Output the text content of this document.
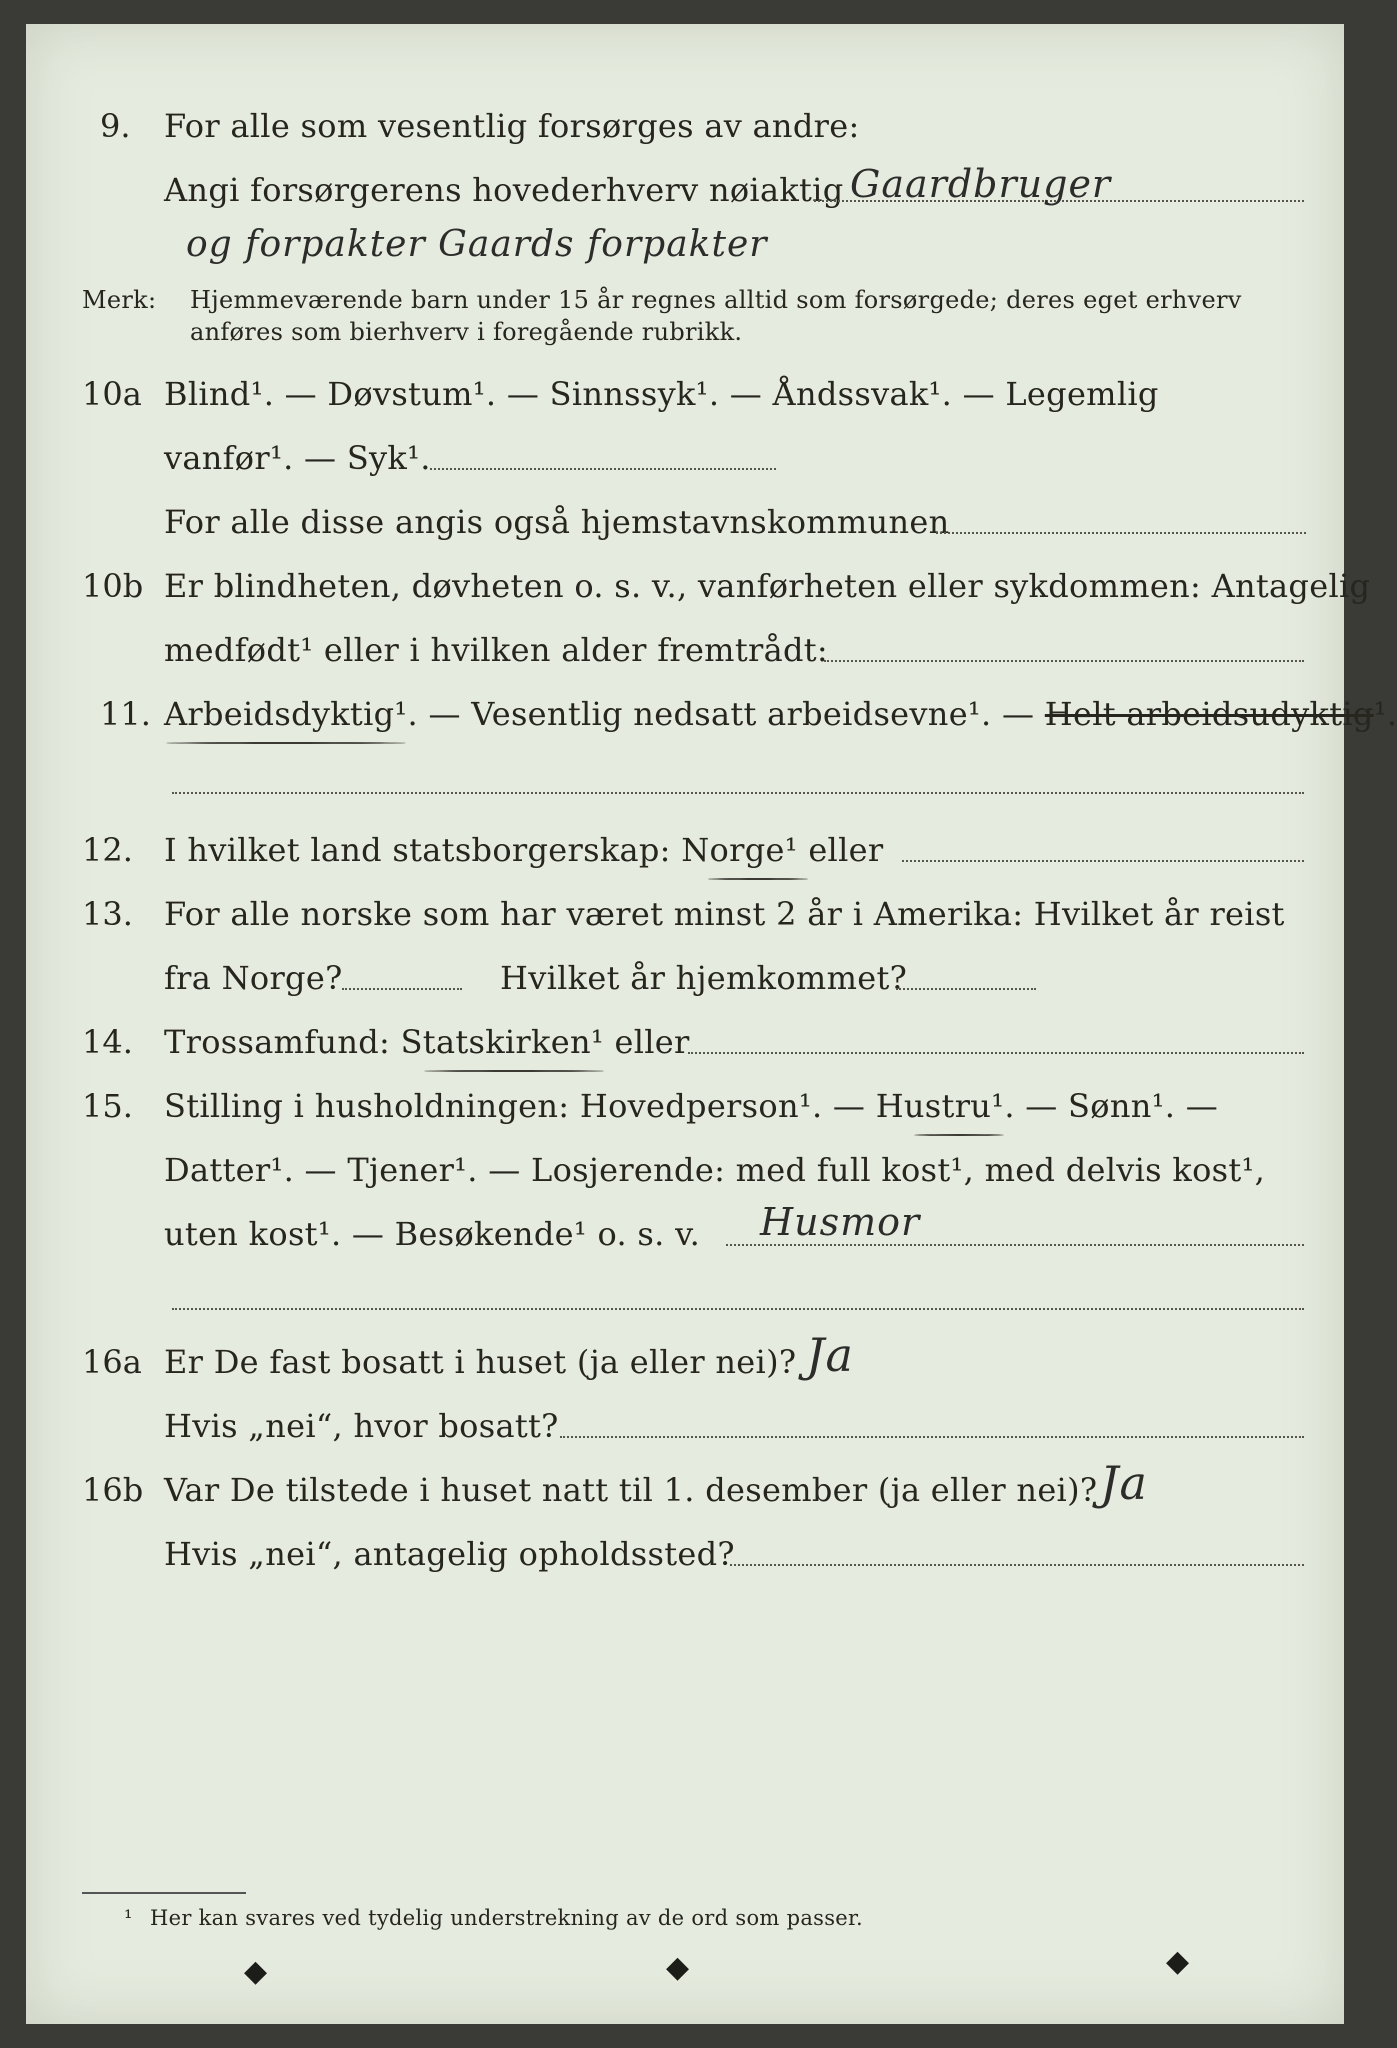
9. For alle som vesentlig forsørges av andre:
Angi forsørgerens hovederhverv nøiaktig Gaardbruger
og forpakter Gaards forpakter
Merk: Hjemmeværende barn under 15 år regnes alltid som forsørgede; deres eget erhverv
anføres som bierhverv i foregående rubrikk.
10a Blind¹. — Døvstum¹. — Sinnssyk¹. — Åndssvak¹. — Legemlig
vanfør¹. — Syk¹.
For alle disse angis også hjemstavnskommunen
10b Er blindheten, døvheten o. s. v., vanførheten eller sykdommen: Antagelig
medfødt¹ eller i hvilken alder fremtrådt:
11. Arbeidsdyktig¹. — Vesentlig nedsatt arbeidsevne¹. — Helt arbeidsudyktig¹.
12. I hvilket land statsborgerskap: Norge¹ eller
13. For alle norske som har været minst 2 år i Amerika: Hvilket år reist
fra Norge?	Hvilket år hjemkommet?
14. Trossamfund: Statskirken¹ eller
15. Stilling i husholdningen: Hovedperson¹. — Hustru¹. — Sønn¹. —
Datter¹. — Tjener¹. — Losjerende: med full kost¹, med delvis kost¹,
uten kost¹. — Besøkende¹ o. s. v. Husmor
16a Er De fast bosatt i huset (ja eller nei)? Ja
Hvis „nei“, hvor bosatt?
16b Var De tilstede i huset natt til 1. desember (ja eller nei)? Ja
Hvis „nei“, antagelig opholdssted?
¹ Her kan svares ved tydelig understrekning av de ord som passer.
◆	◆	◆
